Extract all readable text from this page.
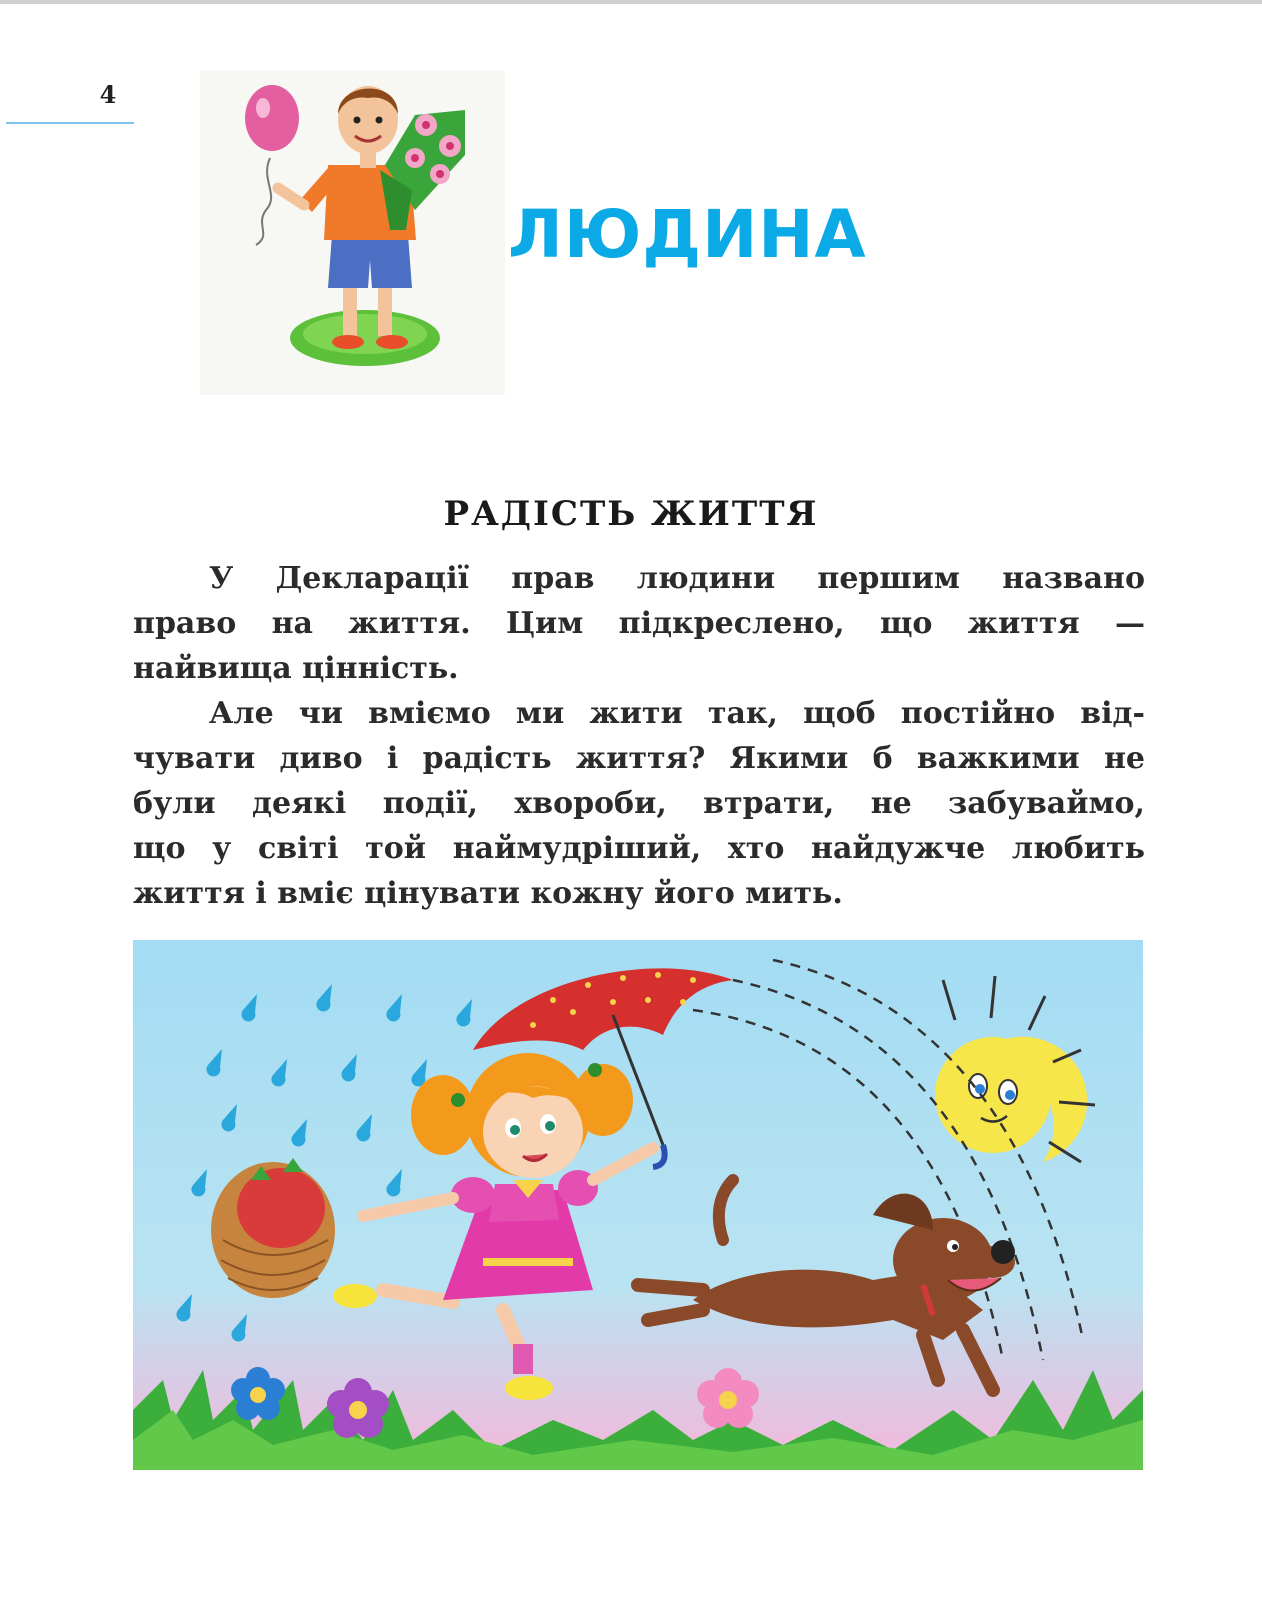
4
ЛЮДИНА
РАДІСТЬ ЖИТТЯ
У Декларації прав людини першим названо
право на життя. Цим підкреслено, що життя —
найвища цінність.
Але чи вміємо ми жити так, щоб постійно від-
чувати диво і радість життя? Якими б важкими не
були деякі події, хвороби, втрати, не забуваймо,
що у світі той наймудріший, хто найдужче любить
життя і вміє цінувати кожну його мить.
